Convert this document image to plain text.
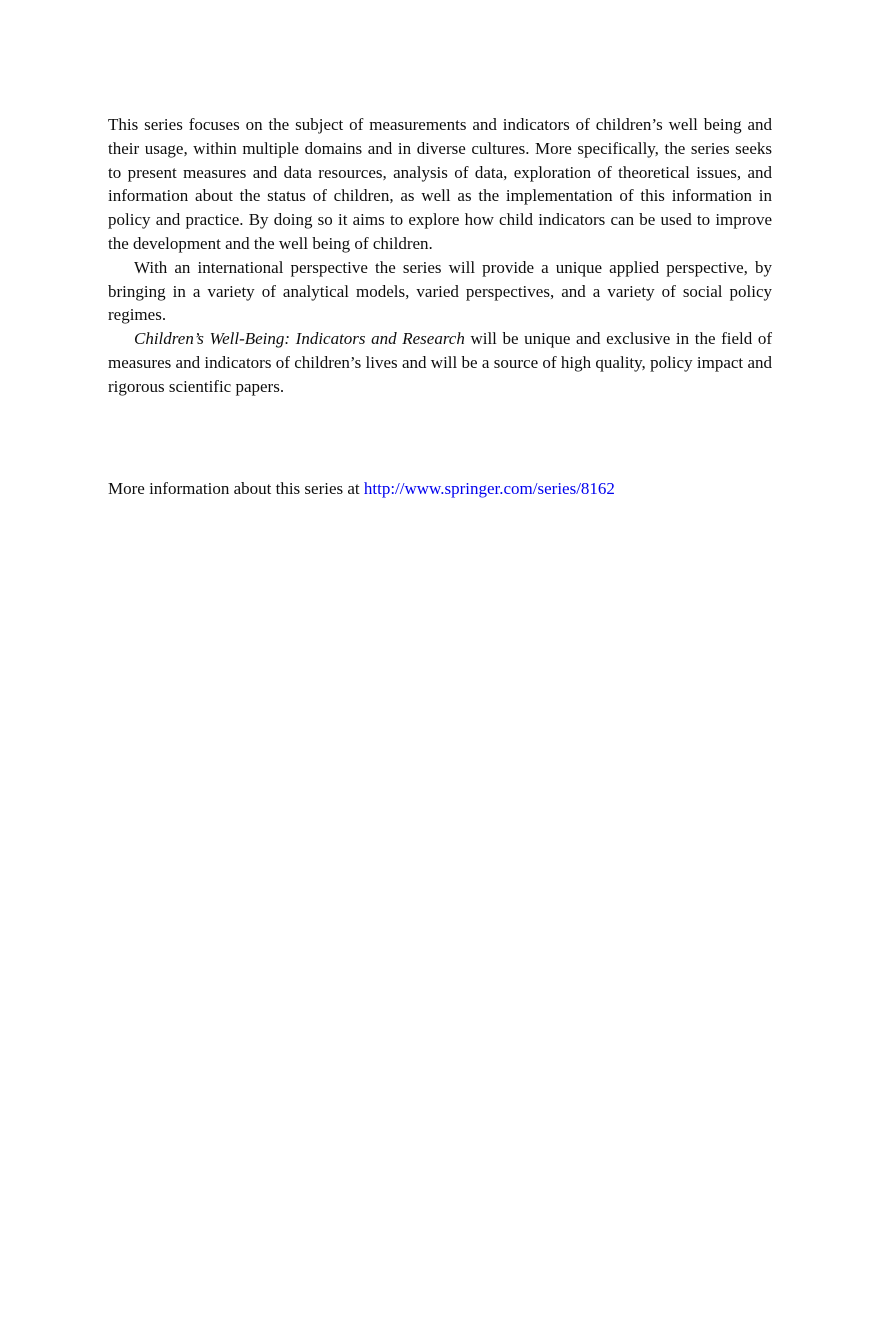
This series focuses on the subject of measurements and indicators of children’s well being and their usage, within multiple domains and in diverse cultures. More specifically, the series seeks to present measures and data resources, analysis of data, exploration of theoretical issues, and information about the status of children, as well as the implementation of this information in policy and practice. By doing so it aims to explore how child indicators can be used to improve the development and the well being of children.

With an international perspective the series will provide a unique applied perspective, by bringing in a variety of analytical models, varied perspectives, and a variety of social policy regimes.

Children’s Well-Being: Indicators and Research will be unique and exclusive in the field of measures and indicators of children’s lives and will be a source of high quality, policy impact and rigorous scientific papers.

More information about this series at http://www.springer.com/series/8162
